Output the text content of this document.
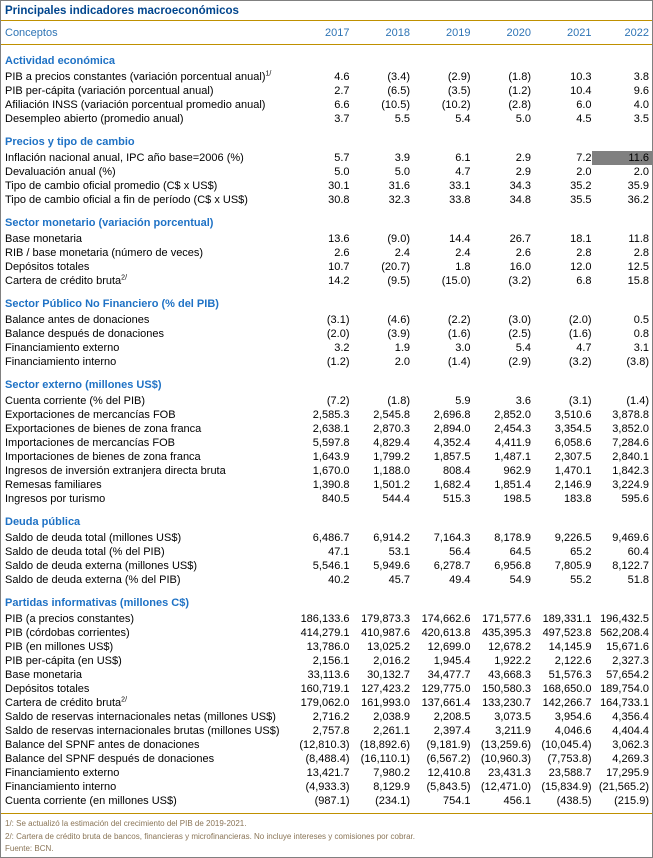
Principales indicadores macroeconómicos
Conceptos	2017	2018	2019	2020	2021	2022
Actividad económica
PIB a precios constantes (variación porcentual anual)$^{1/}$	4.6	(3.4)	(2.9)	(1.8)	10.3	3.8
PIB per-cápita (variación porcentual anual)	2.7	(6.5)	(3.5)	(1.2)	10.4	9.6
Afiliación INSS (variación porcentual promedio anual)	6.6	(10.5)	(10.2)	(2.8)	6.0	4.0
Desempleo abierto (promedio anual)	3.7	5.5	5.4	5.0	4.5	3.5
Precios y tipo de cambio
Inflación nacional anual, IPC año base=2006 (%)	5.7	3.9	6.1	2.9	7.2	11.6
Devaluación anual (%)	5.0	5.0	4.7	2.9	2.0	2.0
Tipo de cambio oficial promedio (C$ x US$)	30.1	31.6	33.1	34.3	35.2	35.9
Tipo de cambio oficial a fin de período (C$ x US$)	30.8	32.3	33.8	34.8	35.5	36.2
Sector monetario (variación porcentual)
Base monetaria	13.6	(9.0)	14.4	26.7	18.1	11.8
RIB / base monetaria (número de veces)	2.6	2.4	2.4	2.6	2.8	2.8
Depósitos totales	10.7	(20.7)	1.8	16.0	12.0	12.5
Cartera de crédito bruta$^{2/}$	14.2	(9.5)	(15.0)	(3.2)	6.8	15.8
Sector Público No Financiero (% del PIB)
Balance antes de donaciones	(3.1)	(4.6)	(2.2)	(3.0)	(2.0)	0.5
Balance después de donaciones	(2.0)	(3.9)	(1.6)	(2.5)	(1.6)	0.8
Financiamiento externo	3.2	1.9	3.0	5.4	4.7	3.1
Financiamiento interno	(1.2)	2.0	(1.4)	(2.9)	(3.2)	(3.8)
Sector externo (millones US$)
Cuenta corriente (% del PIB)	(7.2)	(1.8)	5.9	3.6	(3.1)	(1.4)
Exportaciones de mercancías FOB	2,585.3	2,545.8	2,696.8	2,852.0	3,510.6	3,878.8
Exportaciones de bienes de zona franca	2,638.1	2,870.3	2,894.0	2,454.3	3,354.5	3,852.0
Importaciones de mercancías FOB	5,597.8	4,829.4	4,352.4	4,411.9	6,058.6	7,284.6
Importaciones de bienes de zona franca	1,643.9	1,799.2	1,857.5	1,487.1	2,307.5	2,840.1
Ingresos de inversión extranjera directa bruta	1,670.0	1,188.0	808.4	962.9	1,470.1	1,842.3
Remesas familiares	1,390.8	1,501.2	1,682.4	1,851.4	2,146.9	3,224.9
Ingresos por turismo	840.5	544.4	515.3	198.5	183.8	595.6
Deuda pública
Saldo de deuda total (millones US$)	6,486.7	6,914.2	7,164.3	8,178.9	9,226.5	9,469.6
Saldo de deuda total (% del PIB)	47.1	53.1	56.4	64.5	65.2	60.4
Saldo de deuda externa (millones US$)	5,546.1	5,949.6	6,278.7	6,956.8	7,805.9	8,122.7
Saldo de deuda externa (% del PIB)	40.2	45.7	49.4	54.9	55.2	51.8
Partidas informativas (millones C$)
PIB (a precios constantes)	186,133.6	179,873.3	174,662.6	171,577.6	189,331.1 196,432.5
PIB (córdobas corrientes)	414,279.1	410,987.6	420,613.8	435,395.3	497,523.8 562,208.4
PIB (en millones US$)	13,786.0	13,025.2	12,699.0	12,678.2	14,145.9	15,671.6
PIB per-cápita (en US$)	2,156.1	2,016.2	1,945.4	1,922.2	2,122.6	2,327.3
Base monetaria	33,113.6	30,132.7	34,477.7	43,668.3	51,576.3	57,654.2
Depósitos totales	160,719.1	127,423.2	129,775.0	150,580.3	168,650.0 189,754.0
Cartera de crédito bruta$^{2/}$	179,062.0	161,993.0	137,661.4	133,230.7	142,266.7 164,733.1
Saldo de reservas internacionales netas (millones US$)	2,716.2	2,038.9	2,208.5	3,073.5	3,954.6	4,356.4
Saldo de reservas internacionales brutas (millones US$)	2,757.8	2,261.1	2,397.4	3,211.9	4,046.6	4,404.4
Balance del SPNF antes de donaciones	(12,810.3) (18,892.6)	(9,181.9) (13,259.6) (10,045.4)	3,062.3
Balance del SPNF después de donaciones	(8,488.4)	(16,110.1)	(6,567.2) (10,960.3)	(7,753.8)	4,269.3
Financiamiento externo	13,421.7	7,980.2	12,410.8	23,431.3	23,588.7	17,295.9
Financiamiento interno	(4,933.3)	8,129.9	(5,843.5) (12,471.0) (15,834.9) (21,565.2)
Cuenta corriente (en millones US$)	(987.1)	(234.1)	754.1	456.1	(438.5)	(215.9)
1/: Se actualizó la estimación del crecimiento del PIB de 2019-2021.
2/: Cartera de crédito bruta de bancos, financieras y microfinancieras. No incluye intereses y comisiones por cobrar.
Fuente: BCN.
